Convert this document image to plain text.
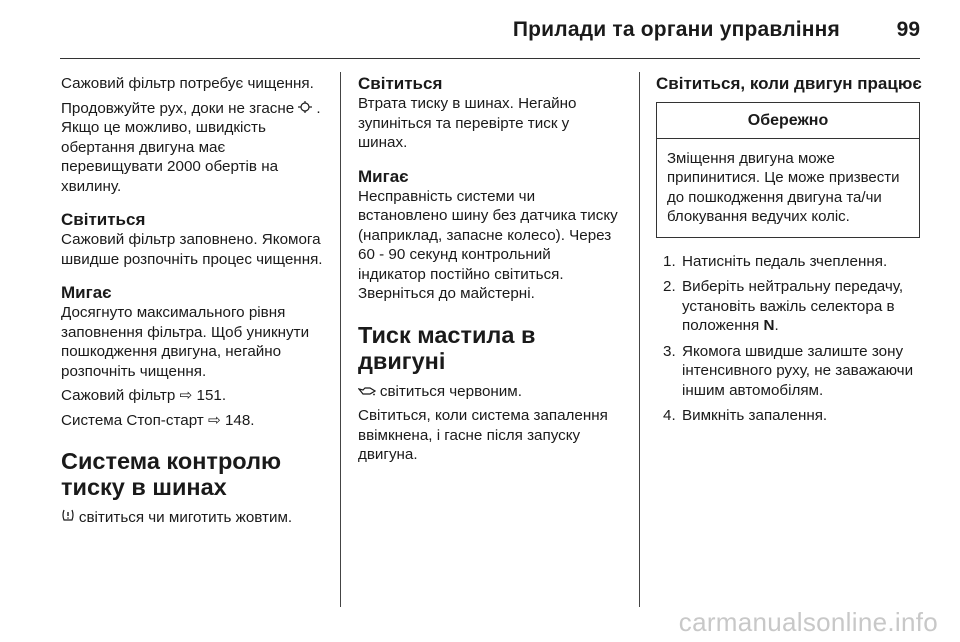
Прилади та органи управління	99

Сажовий фільтр потребує чищення.

Продовжуйте рух, доки не згасне . Якщо це можливо, швидкість обертання двигуна має перевищувати 2000 обертів на хвилину.

Світиться

Сажовий фільтр заповнено. Якомога швидше розпочніть процес чищення.

Мигає

Досягнуто максимального рівня заповнення фільтра. Щоб уникнути пошкодження двигуна, негайно розпочніть чищення.

Сажовий фільтр ⇨ 151.

Система Стоп-старт ⇨ 148.

Система контролю тиску в шинах

світиться чи миготить жовтим.

Світиться

Втрата тиску в шинах. Негайно зупиніться та перевірте тиск у шинах.

Мигає

Несправність системи чи встановлено шину без датчика тиску (наприклад, запасне колесо). Через 60 - 90 секунд контрольний індикатор постійно світиться. Зверніться до майстерні.

Тиск мастила в двигуні

світиться червоним.

Світиться, коли система запалення ввімкнена, і гасне після запуску двигуна.

Світиться, коли двигун працює

Обережно
Зміщення двигуна може припинитися. Це може призвести до пошкодження двигуна та/чи блокування ведучих коліс.
1. Натисніть педаль зчеплення.
2. Виберіть нейтральну передачу, установіть важіль селектора в положення N.
3. Якомога швидше залиште зону інтенсивного руху, не заважаючи іншим автомобілям.
4. Вимкніть запалення.
carmanualsonline.info
